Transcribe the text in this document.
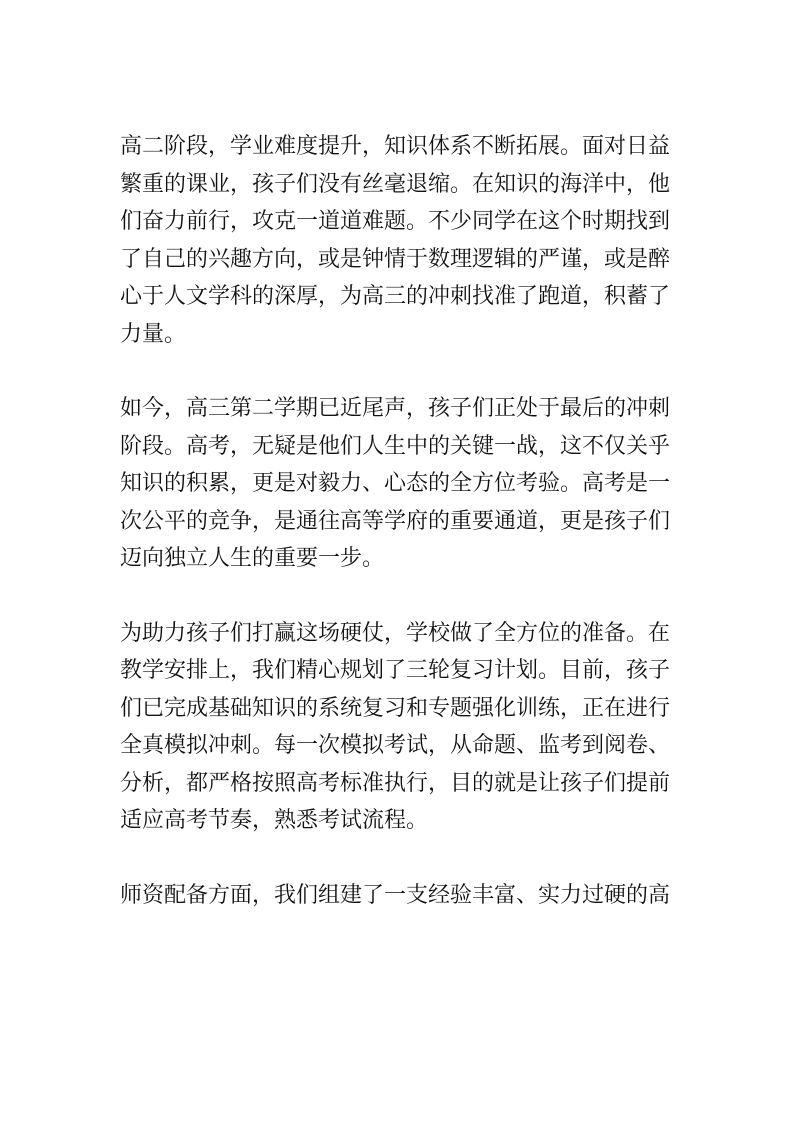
高二阶段，学业难度提升，知识体系不断拓展。面对日益繁重的课业，孩子们没有丝毫退缩。在知识的海洋中，他们奋力前行，攻克一道道难题。不少同学在这个时期找到了自己的兴趣方向，或是钟情于数理逻辑的严谨，或是醉心于人文学科的深厚，为高三的冲刺找准了跑道，积蓄了力量。

如今，高三第二学期已近尾声，孩子们正处于最后的冲刺阶段。高考，无疑是他们人生中的关键一战，这不仅关乎知识的积累，更是对毅力、心态的全方位考验。高考是一次公平的竞争，是通往高等学府的重要通道，更是孩子们迈向独立人生的重要一步。

为助力孩子们打赢这场硬仗，学校做了全方位的准备。在教学安排上，我们精心规划了三轮复习计划。目前，孩子们已完成基础知识的系统复习和专题强化训练，正在进行全真模拟冲刺。每一次模拟考试，从命题、监考到阅卷、分析，都严格按照高考标准执行，目的就是让孩子们提前适应高考节奏，熟悉考试流程。

师资配备方面，我们组建了一支经验丰富、实力过硬的高
